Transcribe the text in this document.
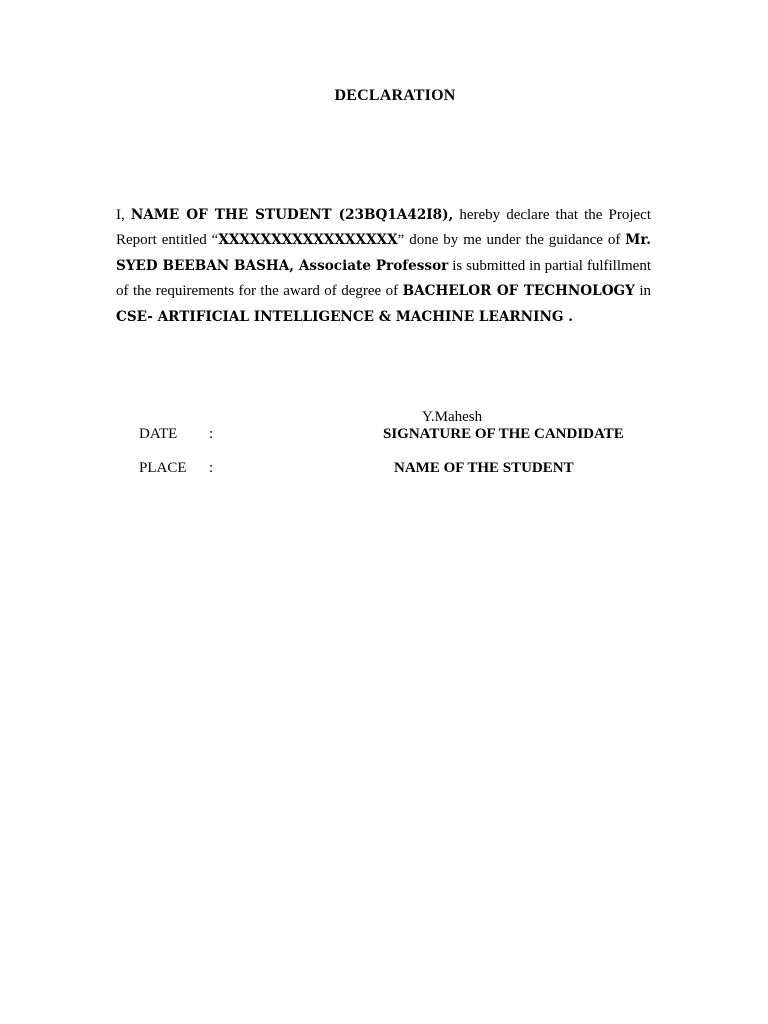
DECLARATION

I, NAME OF THE STUDENT (23BQ1A42I8), hereby declare that the Project Report entitled “XXXXXXXXXXXXXXXXX” done by me under the guidance of Mr. SYED BEEBAN BASHA, Associate Professor is submitted in partial fulfillment of the requirements for the award of degree of BACHELOR OF TECHNOLOGY in CSE- ARTIFICIAL INTELLIGENCE & MACHINE LEARNING .

Y.Mahesh
DATE :	SIGNATURE OF THE CANDIDATE
PLACE :	NAME OF THE STUDENT
